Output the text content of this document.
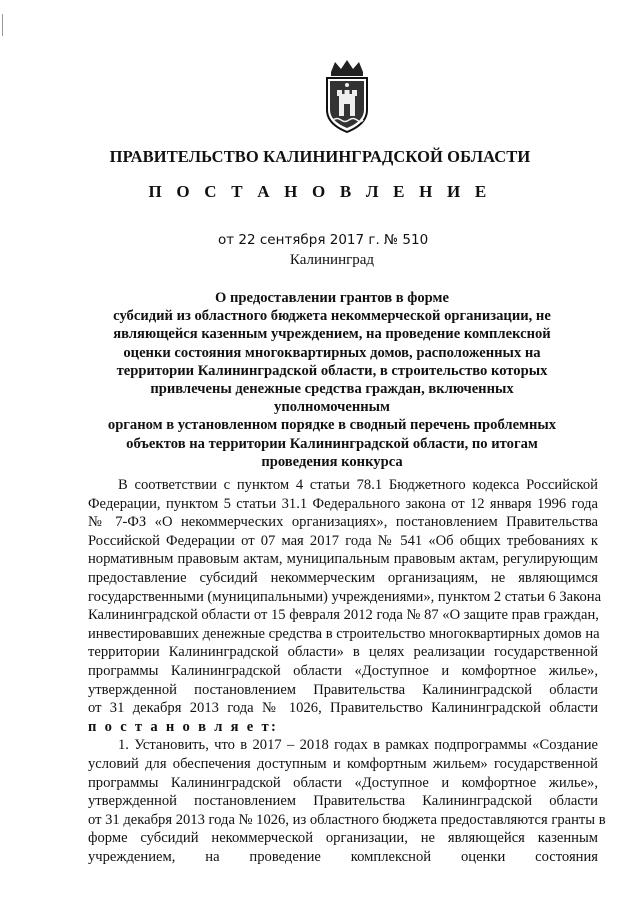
ПРАВИТЕЛЬСТВО КАЛИНИНГРАДСКОЙ ОБЛАСТИ
П О С Т А Н О В Л Е Н И Е
от 22 сентября 2017 г. № 510
Калининград
О предоставлении грантов в форме
субсидий из областного бюджета некоммерческой организации, не
являющейся казенным учреждением, на проведение комплексной
оценки состояния многоквартирных домов, расположенных на
территории Калининградской области, в строительство которых
привлечены денежные средства граждан, включенных уполномоченным
органом в установленном порядке в сводный перечень проблемных
объектов на территории Калининградской области, по итогам
проведения конкурса
В соответствии с пунктом 4 статьи 78.1 Бюджетного кодекса Российской
Федерации, пунктом 5 статьи 31.1 Федерального закона от 12 января 1996 года
№ 7-ФЗ «О некоммерческих организациях», постановлением Правительства
Российской Федерации от 07 мая 2017 года № 541 «Об общих требованиях к
нормативным правовым актам, муниципальным правовым актам, регулирующим
предоставление субсидий некоммерческим организациям, не являющимся
государственными (муниципальными) учреждениями», пунктом 2 статьи 6 Закона
Калининградской области от 15 февраля 2012 года № 87 «О защите прав граждан,
инвестировавших денежные средства в строительство многоквартирных домов на
территории Калининградской области» в целях реализации государственной
программы Калининградской области «Доступное и комфортное жилье»,
утвержденной постановлением Правительства Калининградской области
от 31 декабря 2013 года № 1026, Правительство Калининградской области
п о с т а н о в л я е т:
1. Установить, что в 2017 – 2018 годах в рамках подпрограммы «Создание
условий для обеспечения доступным и комфортным жильем» государственной
программы Калининградской области «Доступное и комфортное жилье»,
утвержденной постановлением Правительства Калининградской области
от 31 декабря 2013 года № 1026, из областного бюджета предоставляются гранты в
форме субсидий некоммерческой организации, не являющейся казенным
учреждением, на проведение комплексной оценки состояния
